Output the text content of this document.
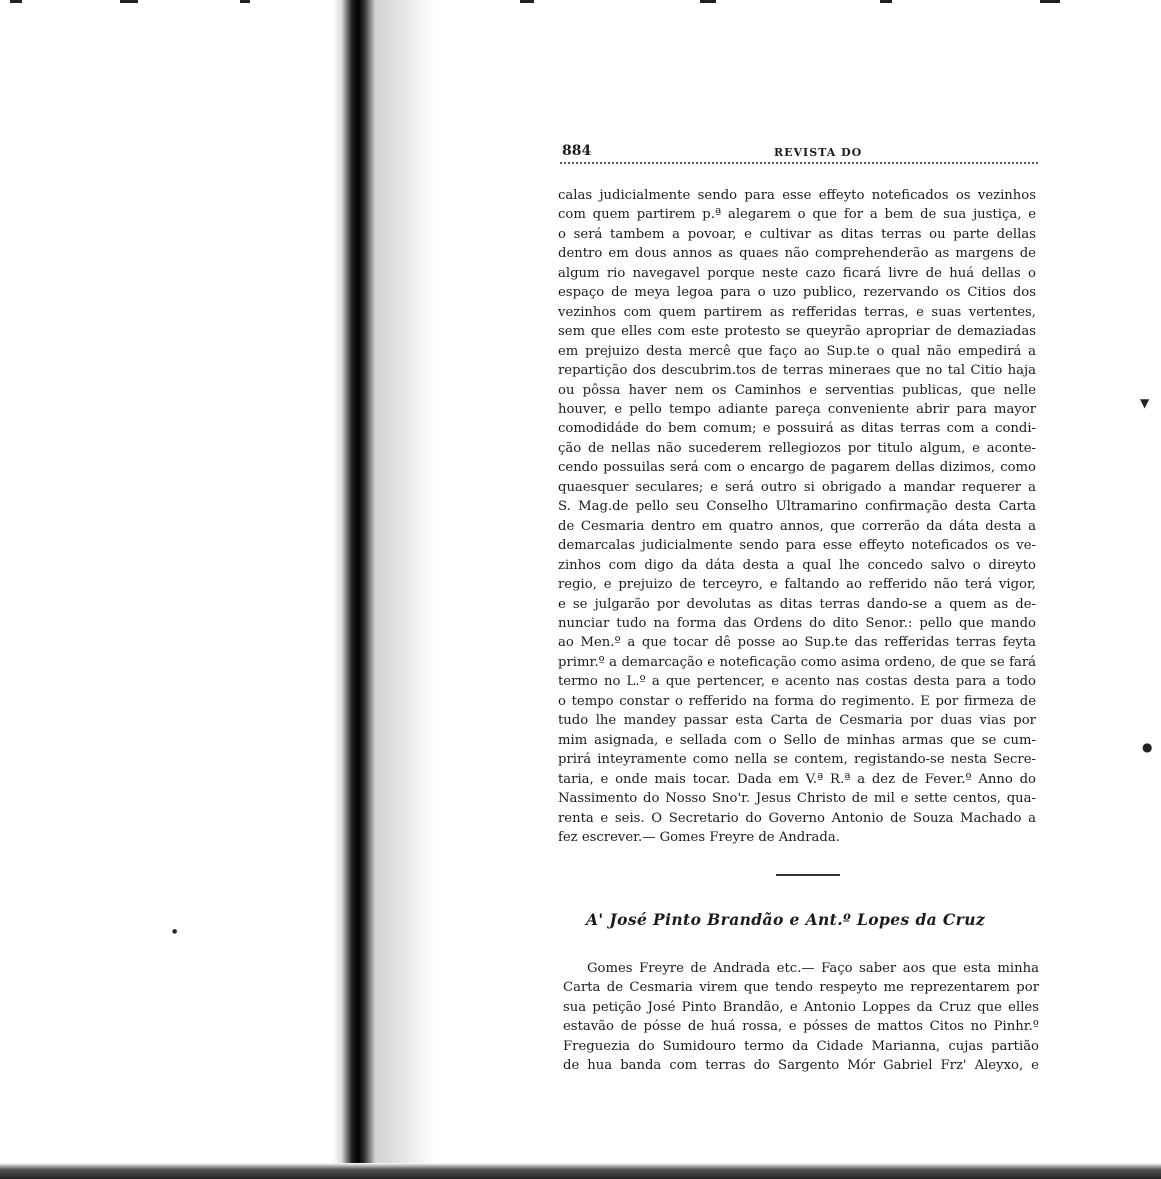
▼
●
●
884	REVISTA DO
calas judicialmente sendo para esse effeyto noteficados os vezinhos
com quem partirem p.ª alegarem o que for a bem de sua justiça, e
o será tambem a povoar, e cultivar as ditas terras ou parte dellas
dentro em dous annos as quaes não comprehenderão as margens de
algum rio navegavel porque neste cazo ficará livre de huá dellas o
espaço de meya legoa para o uzo publico, rezervando os Citios dos
vezinhos com quem partirem as refferidas terras, e suas vertentes,
sem que elles com este protesto se queyrão apropriar de demaziadas
em prejuizo desta mercê que faço ao Sup.te o qual não empedirá a
repartição dos descubrim.tos de terras mineraes que no tal Citio haja
ou pôssa haver nem os Caminhos e serventias publicas, que nelle
houver, e pello tempo adiante pareça conveniente abrir para mayor
comodidáde do bem comum; e possuirá as ditas terras com a condi-
ção de nellas não sucederem rellegiozos por titulo algum, e aconte-
cendo possuilas será com o encargo de pagarem dellas dizimos, como
quaesquer seculares; e será outro si obrigado a mandar requerer a
S. Mag.de pello seu Conselho Ultramarino confirmação desta Carta
de Cesmaria dentro em quatro annos, que correrão da dáta desta a
demarcalas judicialmente sendo para esse effeyto noteficados os ve-
zinhos com digo da dáta desta a qual lhe concedo salvo o direyto
regio, e prejuizo de terceyro, e faltando ao refferido não terá vigor,
e se julgarão por devolutas as ditas terras dando-se a quem as de-
nunciar tudo na forma das Ordens do dito Senor.: pello que mando
ao Men.º a que tocar dê posse ao Sup.te das refferidas terras feyta
primr.º a demarcação e noteficação como asima ordeno, de que se fará
termo no L.º a que pertencer, e acento nas costas desta para a todo
o tempo constar o refferido na forma do regimento. E por firmeza de
tudo lhe mandey passar esta Carta de Cesmaria por duas vias por
mim asignada, e sellada com o Sello de minhas armas que se cum-
prirá inteyramente como nella se contem, registando-se nesta Secre-
taria, e onde mais tocar. Dada em V.ª R.ª a dez de Fever.º Anno do
Nassimento do Nosso Sno'r. Jesus Christo de mil e sette centos, qua-
renta e seis. O Secretario do Governo Antonio de Souza Machado a
fez escrever.— Gomes Freyre de Andrada.
A' José Pinto Brandão e Ant.º Lopes da Cruz
Gomes Freyre de Andrada etc.— Faço saber aos que esta minha
Carta de Cesmaria virem que tendo respeyto me reprezentarem por
sua petição José Pinto Brandão, e Antonio Loppes da Cruz que elles
estavão de pósse de huá rossa, e pósses de mattos Citos no Pinhr.º
Freguezia do Sumidouro termo da Cidade Marianna, cujas partião
de hua banda com terras do Sargento Mór Gabriel Frz' Aleyxo, e
